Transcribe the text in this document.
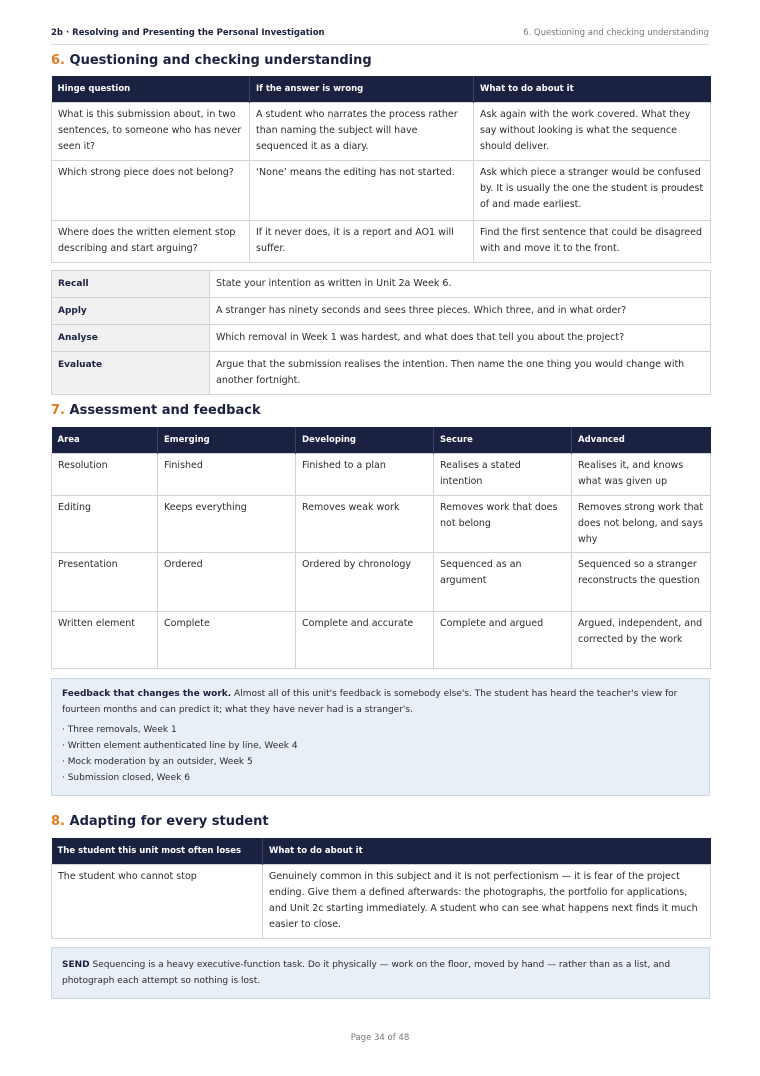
2b · Resolving and Presenting the Personal Investigation	6. Questioning and checking understanding
6. Questioning and checking understanding
Hinge question	If the answer is wrong	What to do about it
What is this submission about, in two sentences, to someone who has never seen it?	A student who narrates the process rather than naming the subject will have sequenced it as a diary.	Ask again with the work covered. What they say without looking is what the sequence should deliver.
Which strong piece does not belong?	‘None’ means the editing has not started.	Ask which piece a stranger would be confused by. It is usually the one the student is proudest of and made earliest.
Where does the written element stop describing and start arguing?	If it never does, it is a report and AO1 will suffer.	Find the first sentence that could be disagreed with and move it to the front.
Recall	State your intention as written in Unit 2a Week 6.
Apply	A stranger has ninety seconds and sees three pieces. Which three, and in what order?
Analyse	Which removal in Week 1 was hardest, and what does that tell you about the project?
Evaluate	Argue that the submission realises the intention. Then name the one thing you would change with another fortnight.
7. Assessment and feedback
Area	Emerging	Developing	Secure	Advanced
Resolution	Finished	Finished to a plan	Realises a stated intention	Realises it, and knows what was given up
Editing	Keeps everything	Removes weak work	Removes work that does not belong	Removes strong work that does not belong, and says why
Presentation	Ordered	Ordered by chronology	Sequenced as an argument	Sequenced so a stranger reconstructs the question
Written element	Complete	Complete and accurate	Complete and argued	Argued, independent, and corrected by the work

Feedback that changes the work. Almost all of this unit's feedback is somebody else's. The student has heard the teacher's view for fourteen months and can predict it; what they have never had is a stranger's.

· Three removals, Week 1
· Written element authenticated line by line, Week 4
· Mock moderation by an outsider, Week 5
· Submission closed, Week 6
8. Adapting for every student
The student this unit most often loses	What to do about it
The student who cannot stop	Genuinely common in this subject and it is not perfectionism — it is fear of the project ending. Give them a defined afterwards: the photographs, the portfolio for applications, and Unit 2c starting immediately. A student who can see what happens next finds it much easier to close.

SEND Sequencing is a heavy executive-function task. Do it physically — work on the floor, moved by hand — rather than as a list, and photograph each attempt so nothing is lost.

Page 34 of 48
